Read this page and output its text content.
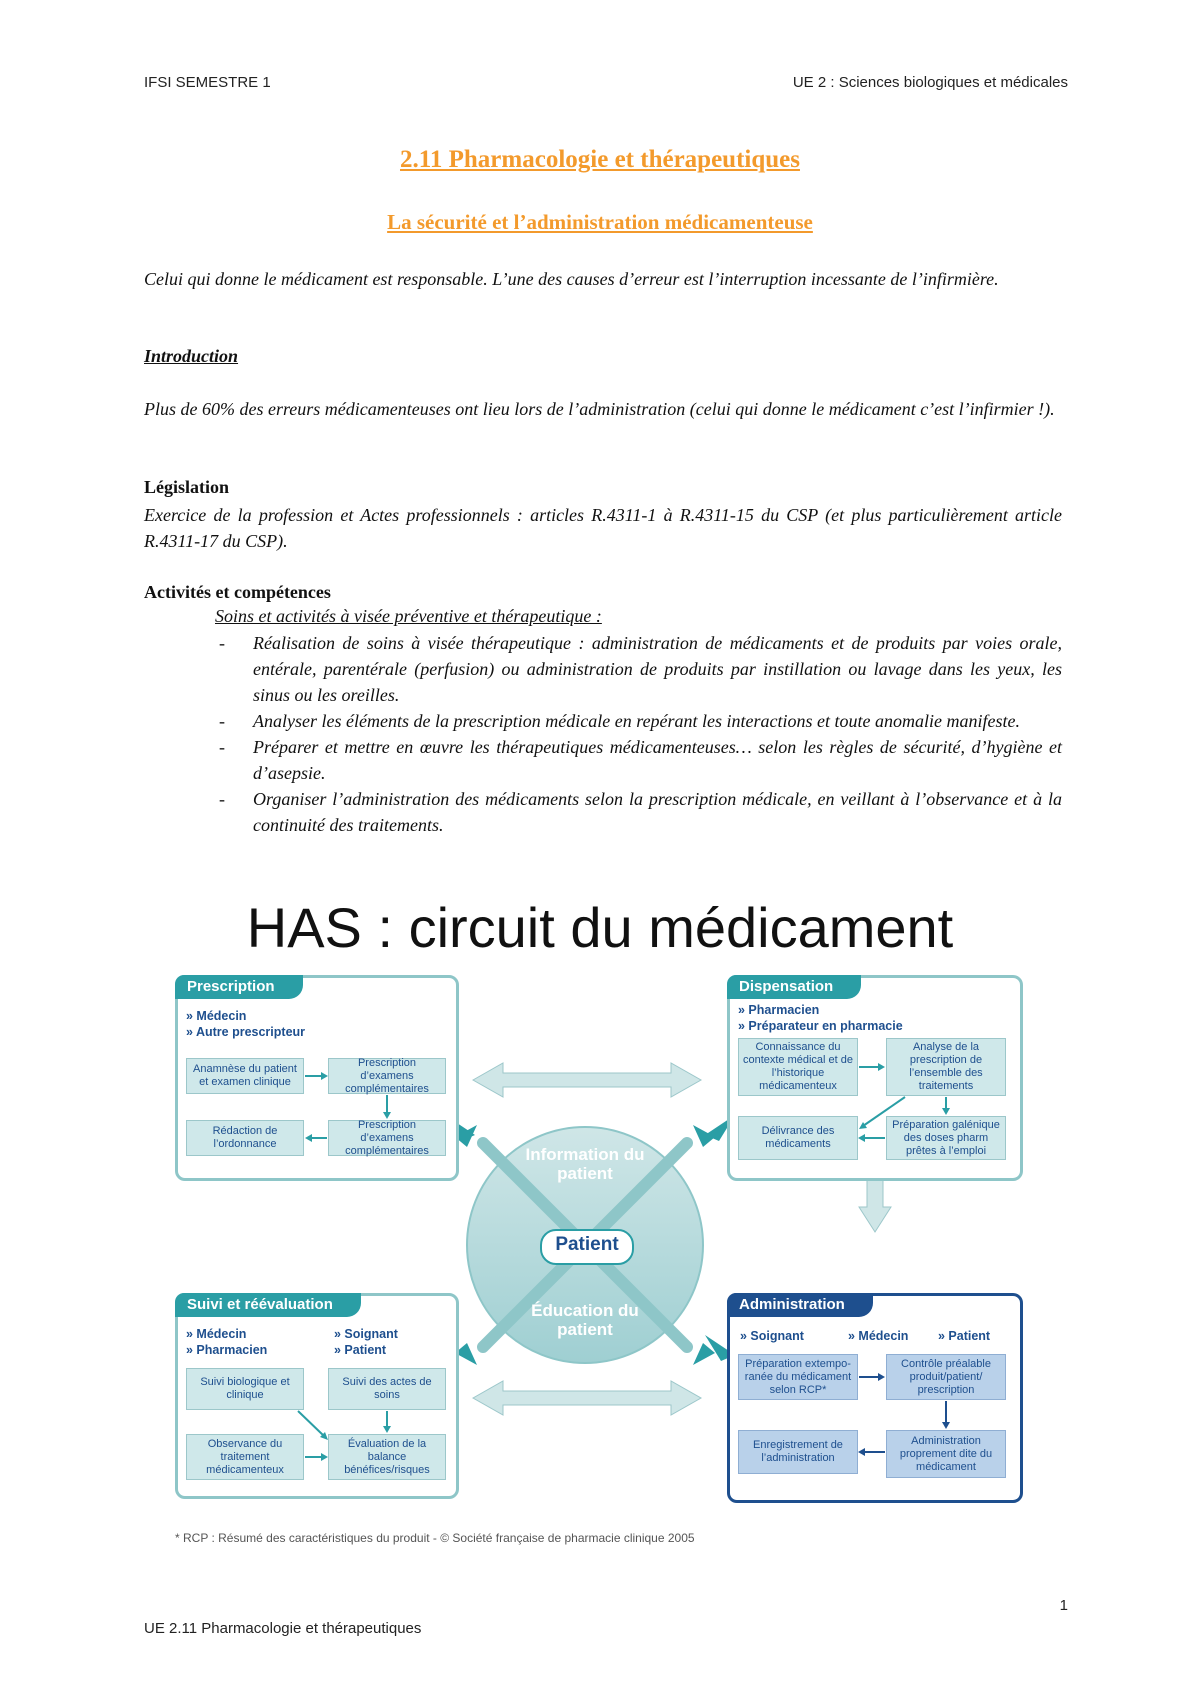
IFSI SEMESTRE 1	UE 2 : Sciences biologiques et médicales
2.11 Pharmacologie et thérapeutiques
La sécurité et l’administration médicamenteuse
Celui qui donne le médicament est responsable. L’une des causes d’erreur est l’interruption incessante de l’infirmière.
Introduction
Plus de 60% des erreurs médicamenteuses ont lieu lors de l’administration (celui qui donne le médicament c’est l’infirmier !).
Législation
Exercice de la profession et Actes professionnels : articles R.4311-1 à R.4311-15 du CSP (et plus particulièrement article R.4311-17 du CSP).
Activités et compétences
Soins et activités à visée préventive et thérapeutique :
- Réalisation de soins à visée thérapeutique : administration de médicaments et de produits par voies orale, entérale, parentérale (perfusion) ou administration de produits par instillation ou lavage dans les yeux, les sinus ou les oreilles.
- Analyser les éléments de la prescription médicale en repérant les interactions et toute anomalie manifeste.
- Préparer et mettre en œuvre les thérapeutiques médicamenteuses… selon les règles de sécurité, d’hygiène et d’asepsie.
- Organiser l’administration des médicaments selon la prescription médicale, en veillant à l’observance et à la continuité des traitements.
HAS : circuit du médicament
Information du patient
Patient
Éducation du patient
Prescription
» Médecin
» Autre prescripteur
Anamnèse du patient et examen clinique
Prescription d’examens complémentaires
Rédaction de l’ordonnance
Prescription d’examens complémentaires
Dispensation
» Pharmacien
» Préparateur en pharmacie
Connaissance du contexte médical et de l’historique médicamenteux
Analyse de la prescription de l’ensemble des traitements
Délivrance des médicaments
Préparation galénique des doses pharm prêtes à l’emploi
Suivi et réévaluation
» Médecin
» Pharmacien
» Soignant
» Patient
Suivi biologique et clinique
Suivi des actes de soins
Observance du traitement médicamenteux
Évaluation de la balance bénéfices/risques
Administration
» Soignant	» Médecin » Patient
Préparation extempo-ranée du médicament selon RCP*
Contrôle préalable produit/patient/ prescription
Enregistrement de l’administration
Administration proprement dite du médicament
* RCP : Résumé des caractéristiques du produit - © Société française de pharmacie clinique 2005
1
UE 2.11 Pharmacologie et thérapeutiques
